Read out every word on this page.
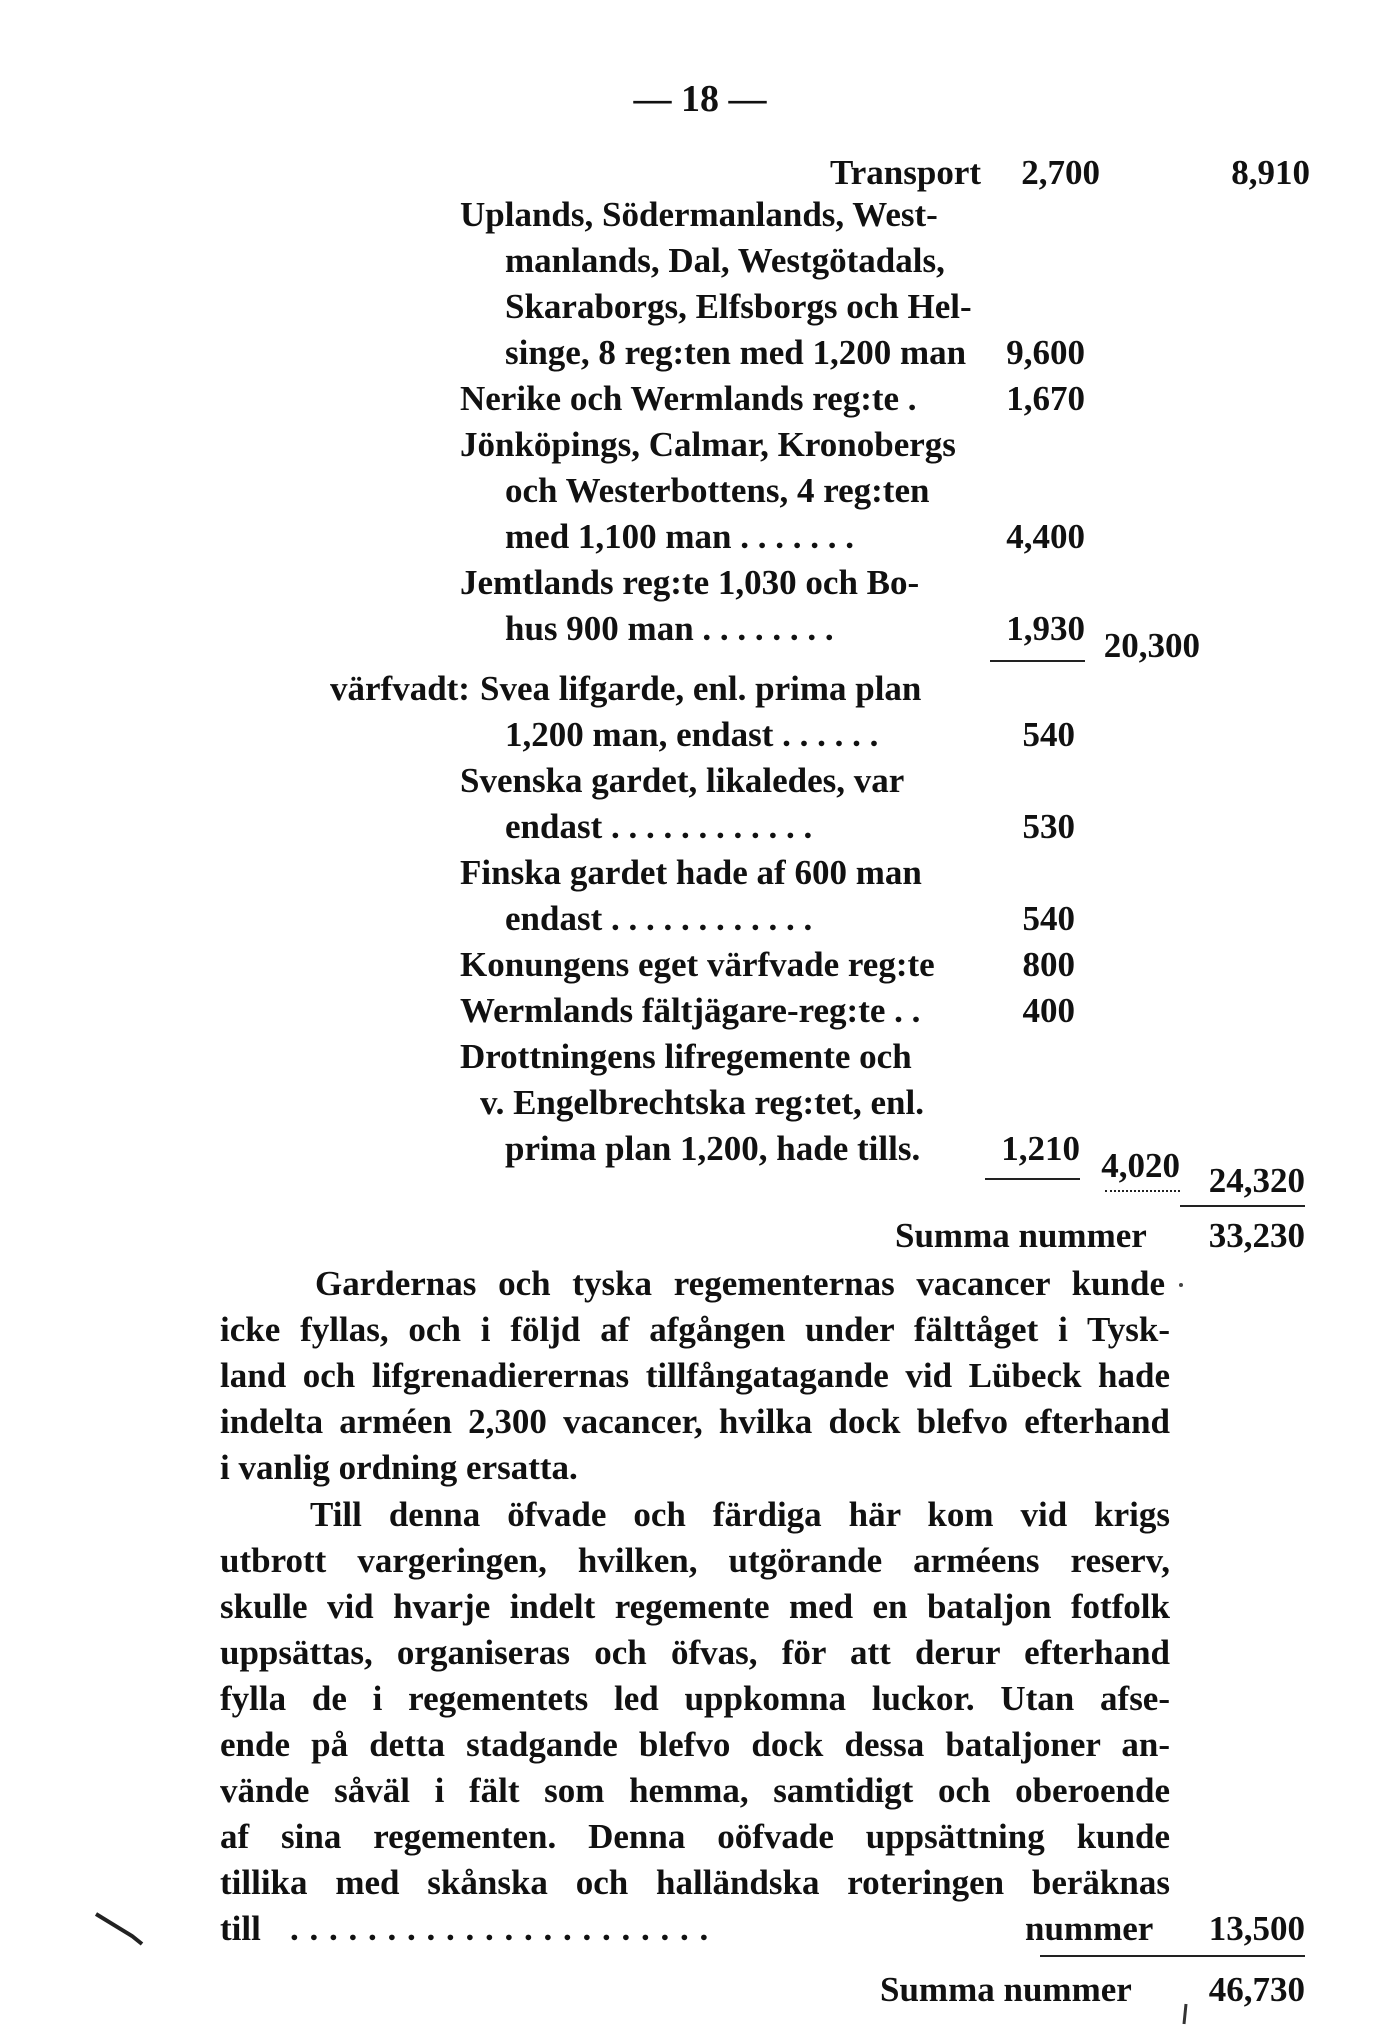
— 18 —
Transport	2,700	8,910
Uplands, Södermanlands, West-
manlands, Dal, Westgötadals,
Skaraborgs, Elfsborgs och Hel-
singe, 8 reg:ten med 1,200 man	9,600
Nerike och Wermlands reg:te .	1,670
Jönköpings, Calmar, Kronobergs
och Westerbottens, 4 reg:ten
med 1,100 man . . . . . . .	4,400
Jemtlands reg:te 1,030 och Bo-
hus 900 man . . . . . . . .	1,930 20,300
värfvadt: Svea lifgarde, enl. prima plan
1,200 man, endast . . . . . .	540
Svenska gardet, likaledes, var
endast . . . . . . . . . . . .	530
Finska gardet hade af 600 man
endast . . . . . . . . . . . .	540
Konungens eget värfvade reg:te	800
Wermlands fältjägare-reg:te . .	400
Drottningens lifregemente och
v. Engelbrechtska reg:tet, enl.
prima plan 1,200, hade tills.	1,210 4,020 24,320
Summa nummer	33,230
Gardernas och tyska regementernas vacancer kunde
icke fyllas, och i följd af afgången under fälttåget i Tysk-
land och lifgrenadierernas tillfångatagande vid Lübeck hade
indelta arméen 2,300 vacancer, hvilka dock blefvo efterhand
i vanlig ordning ersatta.
Till denna öfvade och färdiga här kom vid krigs
utbrott vargeringen, hvilken, utgörande arméens reserv,
skulle vid hvarje indelt regemente med en bataljon fotfolk
uppsättas, organiseras och öfvas, för att derur efterhand
fylla de i regementets led uppkomna luckor. Utan afse-
ende på detta stadgande blefvo dock dessa bataljoner an-
vände såväl i fält som hemma, samtidigt och oberoende
af sina regementen. Denna oöfvade uppsättning kunde
tillika med skånska och halländska roteringen beräknas
till . . . . . . . . . . . . . . . . . . . . . .	nummer	13,500
Summa nummer	46,730
